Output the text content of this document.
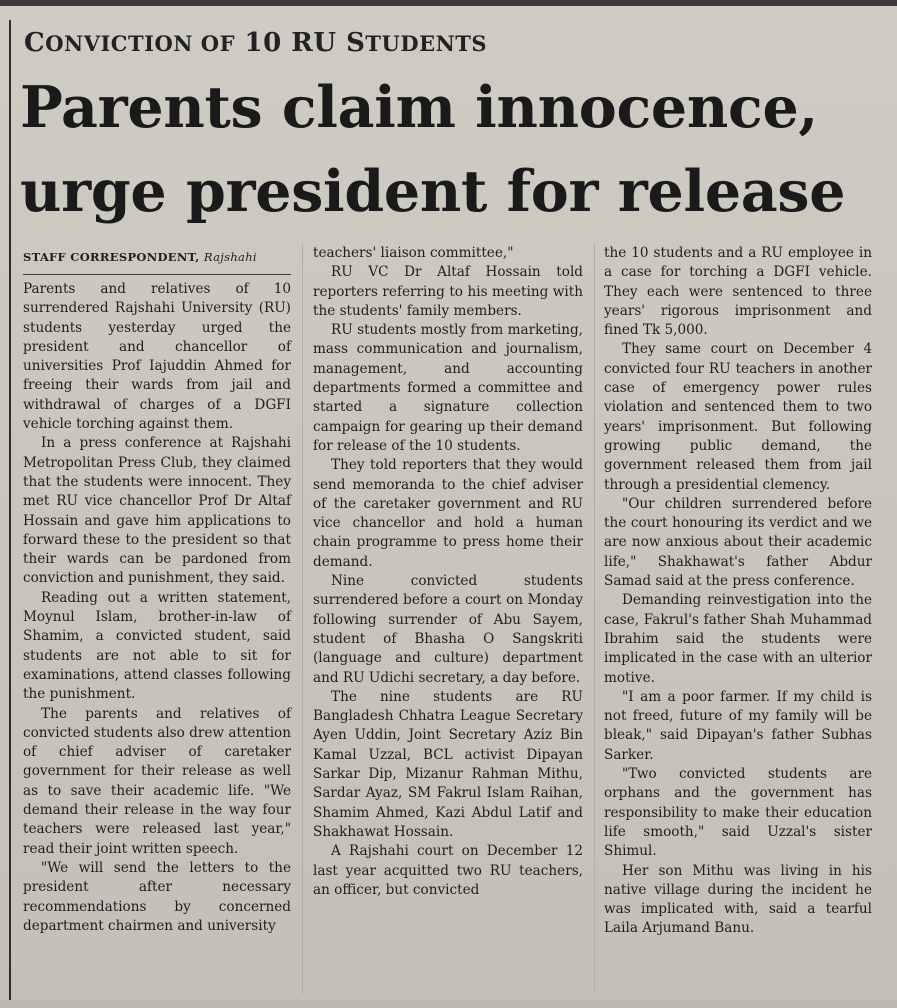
CONVICTION OF 10 RU STUDENTS
Parents claim innocence,
urge president for release
STAFF CORRESPONDENT, Rajshahi

Parents and relatives of 10 surrendered Rajshahi University (RU) students yesterday urged the president and chancellor of universities Prof Iajuddin Ahmed for freeing their wards from jail and withdrawal of charges of a DGFI vehicle torching against them.

In a press conference at Rajshahi Metropolitan Press Club, they claimed that the students were innocent. They met RU vice chancellor Prof Dr Altaf Hossain and gave him applications to forward these to the president so that their wards can be pardoned from conviction and punishment, they said.

Reading out a written statement, Moynul Islam, brother-in-law of Shamim, a convicted student, said students are not able to sit for examinations, attend classes following the punishment.

The parents and relatives of convicted students also drew attention of chief adviser of caretaker government for their release as well as to save their academic life. "We demand their release in the way four teachers were released last year," read their joint written speech.

"We will send the letters to the president after necessary recommendations by concerned department chairmen and university

teachers' liaison committee,"

RU VC Dr Altaf Hossain told reporters referring to his meeting with the students' family members.

RU students mostly from marketing, mass communication and journalism, management, and accounting departments formed a committee and started a signature collection campaign for gearing up their demand for release of the 10 students.

They told reporters that they would send memoranda to the chief adviser of the caretaker government and RU vice chancellor and hold a human chain programme to press home their demand.

Nine convicted students surrendered before a court on Monday following surrender of Abu Sayem, student of Bhasha O Sangskriti (language and culture) department and RU Udichi secretary, a day before.

The nine students are RU Bangladesh Chhatra League Secretary Ayen Uddin, Joint Secretary Aziz Bin Kamal Uzzal, BCL activist Dipayan Sarkar Dip, Mizanur Rahman Mithu, Sardar Ayaz, SM Fakrul Islam Raihan, Shamim Ahmed, Kazi Abdul Latif and Shakhawat Hossain.

A Rajshahi court on December 12 last year acquitted two RU teachers, an officer, but convicted

the 10 students and a RU employee in a case for torching a DGFI vehicle. They each were sentenced to three years' rigorous imprisonment and fined Tk 5,000.

They same court on December 4 convicted four RU teachers in another case of emergency power rules violation and sentenced them to two years' imprisonment. But following growing public demand, the government released them from jail through a presidential clemency.

"Our children surrendered before the court honouring its verdict and we are now anxious about their academic life," Shakhawat's father Abdur Samad said at the press conference.

Demanding reinvestigation into the case, Fakrul's father Shah Muhammad Ibrahim said the students were implicated in the case with an ulterior motive.

"I am a poor farmer. If my child is not freed, future of my family will be bleak," said Dipayan's father Subhas Sarker.

"Two convicted students are orphans and the government has responsibility to make their education life smooth," said Uzzal's sister Shimul.

Her son Mithu was living in his native village during the incident he was implicated with, said a tearful Laila Arjumand Banu.
